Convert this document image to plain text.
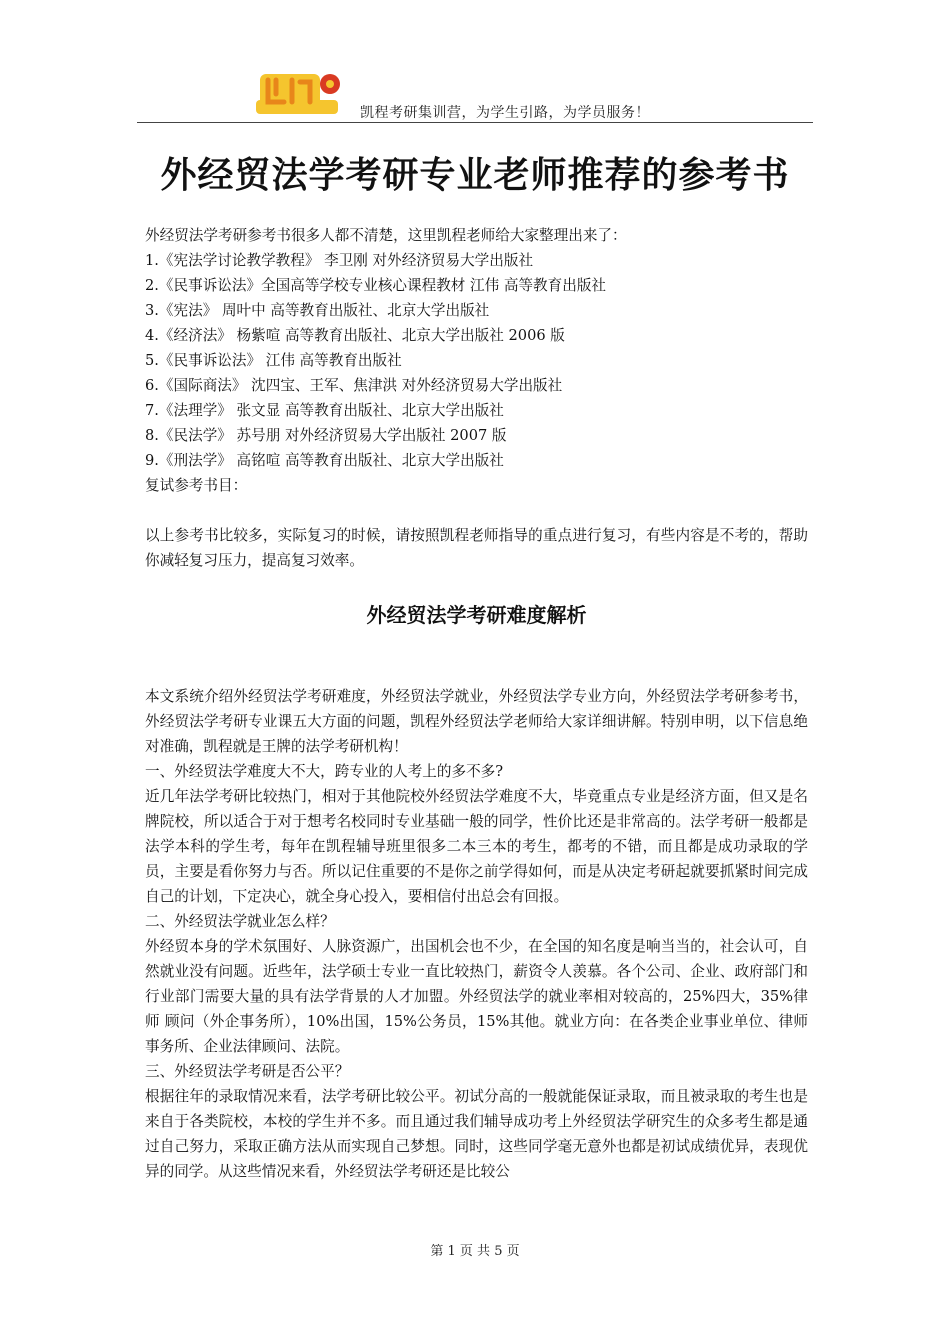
凯程考研集训营，为学生引路，为学员服务！
外经贸法学考研专业老师推荐的参考书

外经贸法学考研参考书很多人都不清楚，这里凯程老师给大家整理出来了：

1.《宪法学讨论教学教程》 李卫刚 对外经济贸易大学出版社

2.《民事诉讼法》全国高等学校专业核心课程教材 江伟 高等教育出版社

3.《宪法》 周叶中 高等教育出版社、北京大学出版社

4.《经济法》 杨紫喧 高等教育出版社、北京大学出版社 2006 版

5.《民事诉讼法》 江伟 高等教育出版社

6.《国际商法》 沈四宝、王军、焦津洪 对外经济贸易大学出版社

7.《法理学》 张文显 高等教育出版社、北京大学出版社

8.《民法学》 苏号朋 对外经济贸易大学出版社 2007 版

9.《刑法学》 高铭喧 高等教育出版社、北京大学出版社

复试参考书目：

以上参考书比较多，实际复习的时候，请按照凯程老师指导的重点进行复习，有些内容是不考的，帮助你减轻复习压力，提高复习效率。

外经贸法学考研难度解析

本文系统介绍外经贸法学考研难度，外经贸法学就业，外经贸法学专业方向，外经贸法学考研参考书，外经贸法学考研专业课五大方面的问题，凯程外经贸法学老师给大家详细讲解。特别申明，以下信息绝对准确，凯程就是王牌的法学考研机构！

一、外经贸法学难度大不大，跨专业的人考上的多不多?

近几年法学考研比较热门，相对于其他院校外经贸法学难度不大，毕竟重点专业是经济方面，但又是名牌院校，所以适合于对于想考名校同时专业基础一般的同学，性价比还是非常高的。法学考研一般都是法学本科的学生考，每年在凯程辅导班里很多二本三本的考生，都考的不错，而且都是成功录取的学员，主要是看你努力与否。所以记住重要的不是你之前学得如何，而是从决定考研起就要抓紧时间完成自己的计划，下定决心，就全身心投入，要相信付出总会有回报。

二、外经贸法学就业怎么样？

外经贸本身的学术氛围好、人脉资源广，出国机会也不少，在全国的知名度是响当当的，社会认可，自然就业没有问题。近些年，法学硕士专业一直比较热门，薪资令人羡慕。各个公司、企业、政府部门和行业部门需要大量的具有法学背景的人才加盟。外经贸法学的就业率相对较高的，25%四大，35%律师 顾问（外企事务所），10%出国，15%公务员，15%其他。就业方向：在各类企业事业单位、律师事务所、企业法律顾问、法院。

三、外经贸法学考研是否公平？

根据往年的录取情况来看，法学考研比较公平。初试分高的一般就能保证录取，而且被录取的考生也是来自于各类院校，本校的学生并不多。而且通过我们辅导成功考上外经贸法学研究生的众多考生都是通过自己努力，采取正确方法从而实现自己梦想。同时，这些同学毫无意外也都是初试成绩优异，表现优异的同学。从这些情况来看，外经贸法学考研还是比较公

第 1 页 共 5 页
